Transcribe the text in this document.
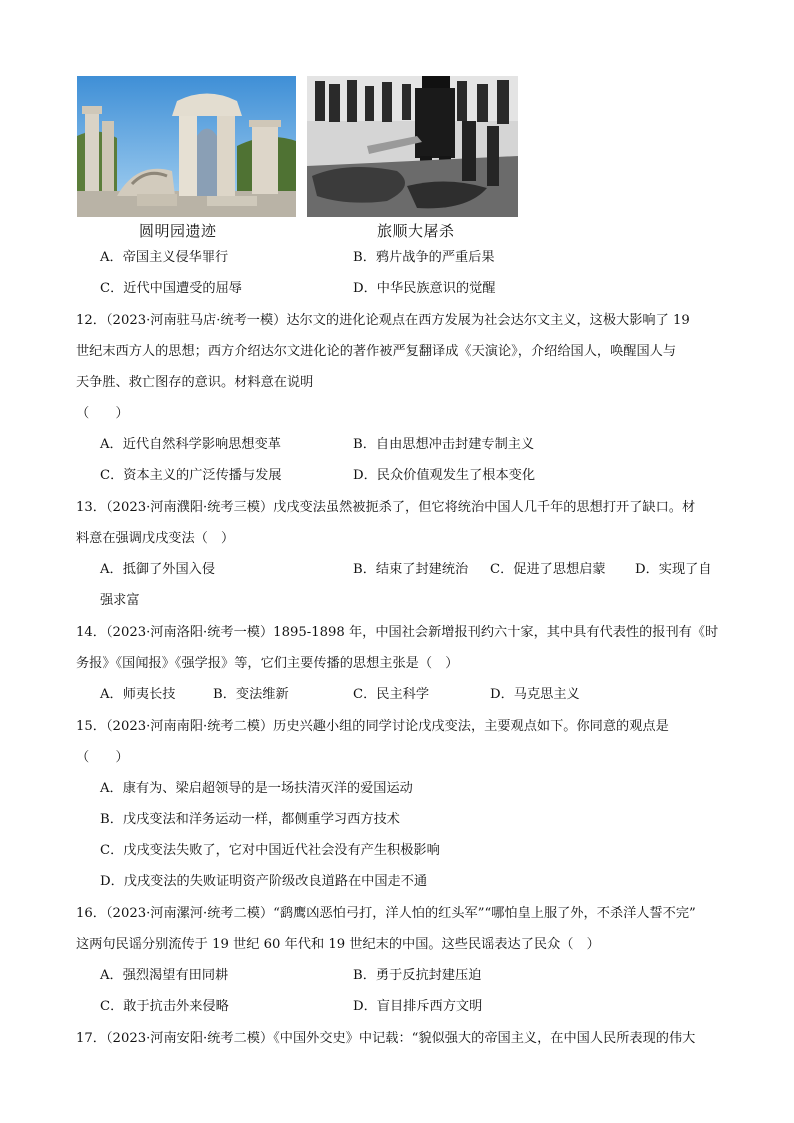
圆明园遗迹	旅顺大屠杀
A．帝国主义侵华罪行	B．鸦片战争的严重后果
C．近代中国遭受的屈辱	D．中华民族意识的觉醒
12．（2023·河南驻马店·统考一模）达尔文的进化论观点在西方发展为社会达尔文主义，这极大影响了 19
世纪末西方人的思想；西方介绍达尔文进化论的著作被严复翻译成《天演论》，介绍给国人，唤醒国人与
天争胜、救亡图存的意识。材料意在说明
（　　）
A．近代自然科学影响思想变革	B．自由思想冲击封建专制主义
C．资本主义的广泛传播与发展	D．民众价值观发生了根本变化
13．（2023·河南濮阳·统考三模）戊戌变法虽然被扼杀了，但它将统治中国人几千年的思想打开了缺口。材
料意在强调戊戌变法（　）
A．抵御了外国入侵	B．结束了封建统治 C．促进了思想启蒙 D．实现了自
强求富
14．（2023·河南洛阳·统考一模）1895-1898 年，中国社会新增报刊约六十家，其中具有代表性的报刊有《时
务报》《国闻报》《强学报》等，它们主要传播的思想主张是（　）
A．师夷长技	B．变法维新	C．民主科学	D．马克思主义
15．（2023·河南南阳·统考二模）历史兴趣小组的同学讨论戊戌变法，主要观点如下。你同意的观点是
（　　）
A．康有为、梁启超领导的是一场扶清灭洋的爱国运动
B．戊戌变法和洋务运动一样，都侧重学习西方技术
C．戊戌变法失败了，它对中国近代社会没有产生积极影响
D．戊戌变法的失败证明资产阶级改良道路在中国走不通
16．（2023·河南漯河·统考二模）“鹞鹰凶恶怕弓打，洋人怕的红头军”“哪怕皇上服了外，不杀洋人誓不完”
这两句民谣分别流传于 19 世纪 60 年代和 19 世纪末的中国。这些民谣表达了民众（　）
A．强烈渴望有田同耕	B．勇于反抗封建压迫
C．敢于抗击外来侵略	D．盲目排斥西方文明
17．（2023·河南安阳·统考二模）《中国外交史》中记载：“貌似强大的帝国主义，在中国人民所表现的伟大
